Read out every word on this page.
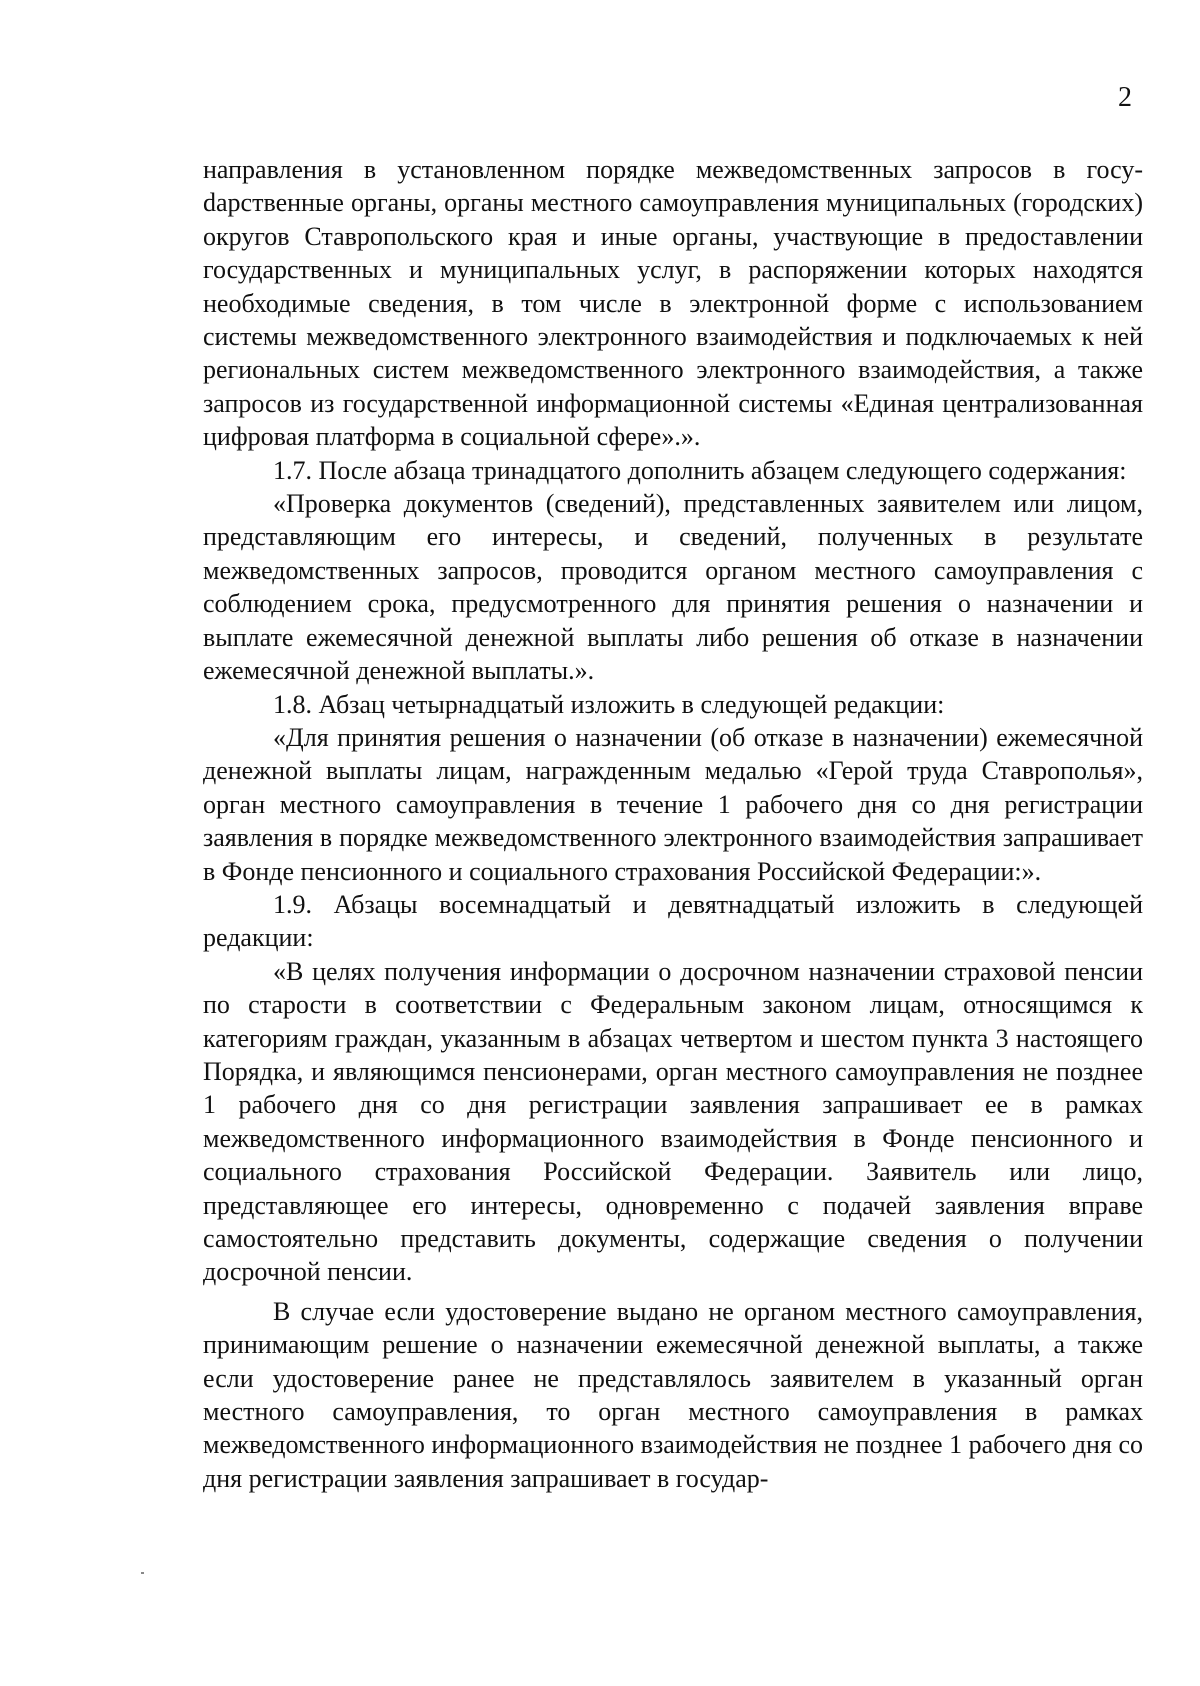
2

направления в установленном порядке межведомственных запросов в госуdарственные органы, органы местного самоуправления муниципальных (городских) округов Ставропольского края и иные органы, участвующие в предоставлении государственных и муниципальных услуг, в распоряжении которых находятся необходимые сведения, в том числе в электронной форме с использованием системы межведомственного электронного взаимодействия и подключаемых к ней региональных систем межведомственного электронного взаимодействия, а также запросов из государственной информационной системы «Единая централизованная цифровая платформа в социальной сфере».».

1.7. После абзаца тринадцатого дополнить абзацем следующего содержания:

«Проверка документов (сведений), представленных заявителем или лицом, представляющим его интересы, и сведений, полученных в результате межведомственных запросов, проводится органом местного самоуправления с соблюдением срока, предусмотренного для принятия решения о назначении и выплате ежемесячной денежной выплаты либо решения об отказе в назначении ежемесячной денежной выплаты.».

1.8. Абзац четырнадцатый изложить в следующей редакции:

«Для принятия решения о назначении (об отказе в назначении) ежемесячной денежной выплаты лицам, награжденным медалью «Герой труда Ставрополья», орган местного самоуправления в течение 1 рабочего дня со дня регистрации заявления в порядке межведомственного электронного взаимодействия запрашивает в Фонде пенсионного и социального страхования Российской Федерации:».

1.9. Абзацы восемнадцатый и девятнадцатый изложить в следующей редакции:

«В целях получения информации о досрочном назначении страховой пенсии по старости в соответствии с Федеральным законом лицам, относящимся к категориям граждан, указанным в абзацах четвертом и шестом пункта 3 настоящего Порядка, и являющимся пенсионерами, орган местного самоуправления не позднее 1 рабочего дня со дня регистрации заявления запрашивает ее в рамках межведомственного информационного взаимодействия в Фонде пенсионного и социального страхования Российской Федерации. Заявитель или лицо, представляющее его интересы, одновременно с подачей заявления вправе самостоятельно представить документы, содержащие сведения о получении досрочной пенсии.

В случае если удостоверение выдано не органом местного самоуправления, принимающим решение о назначении ежемесячной денежной выплаты, а также если удостоверение ранее не представлялось заявителем в указанный орган местного самоуправления, то орган местного самоуправления в рамках межведомственного информационного взаимодействия не позднее 1 рабочего дня со дня регистрации заявления запрашивает в государ-
